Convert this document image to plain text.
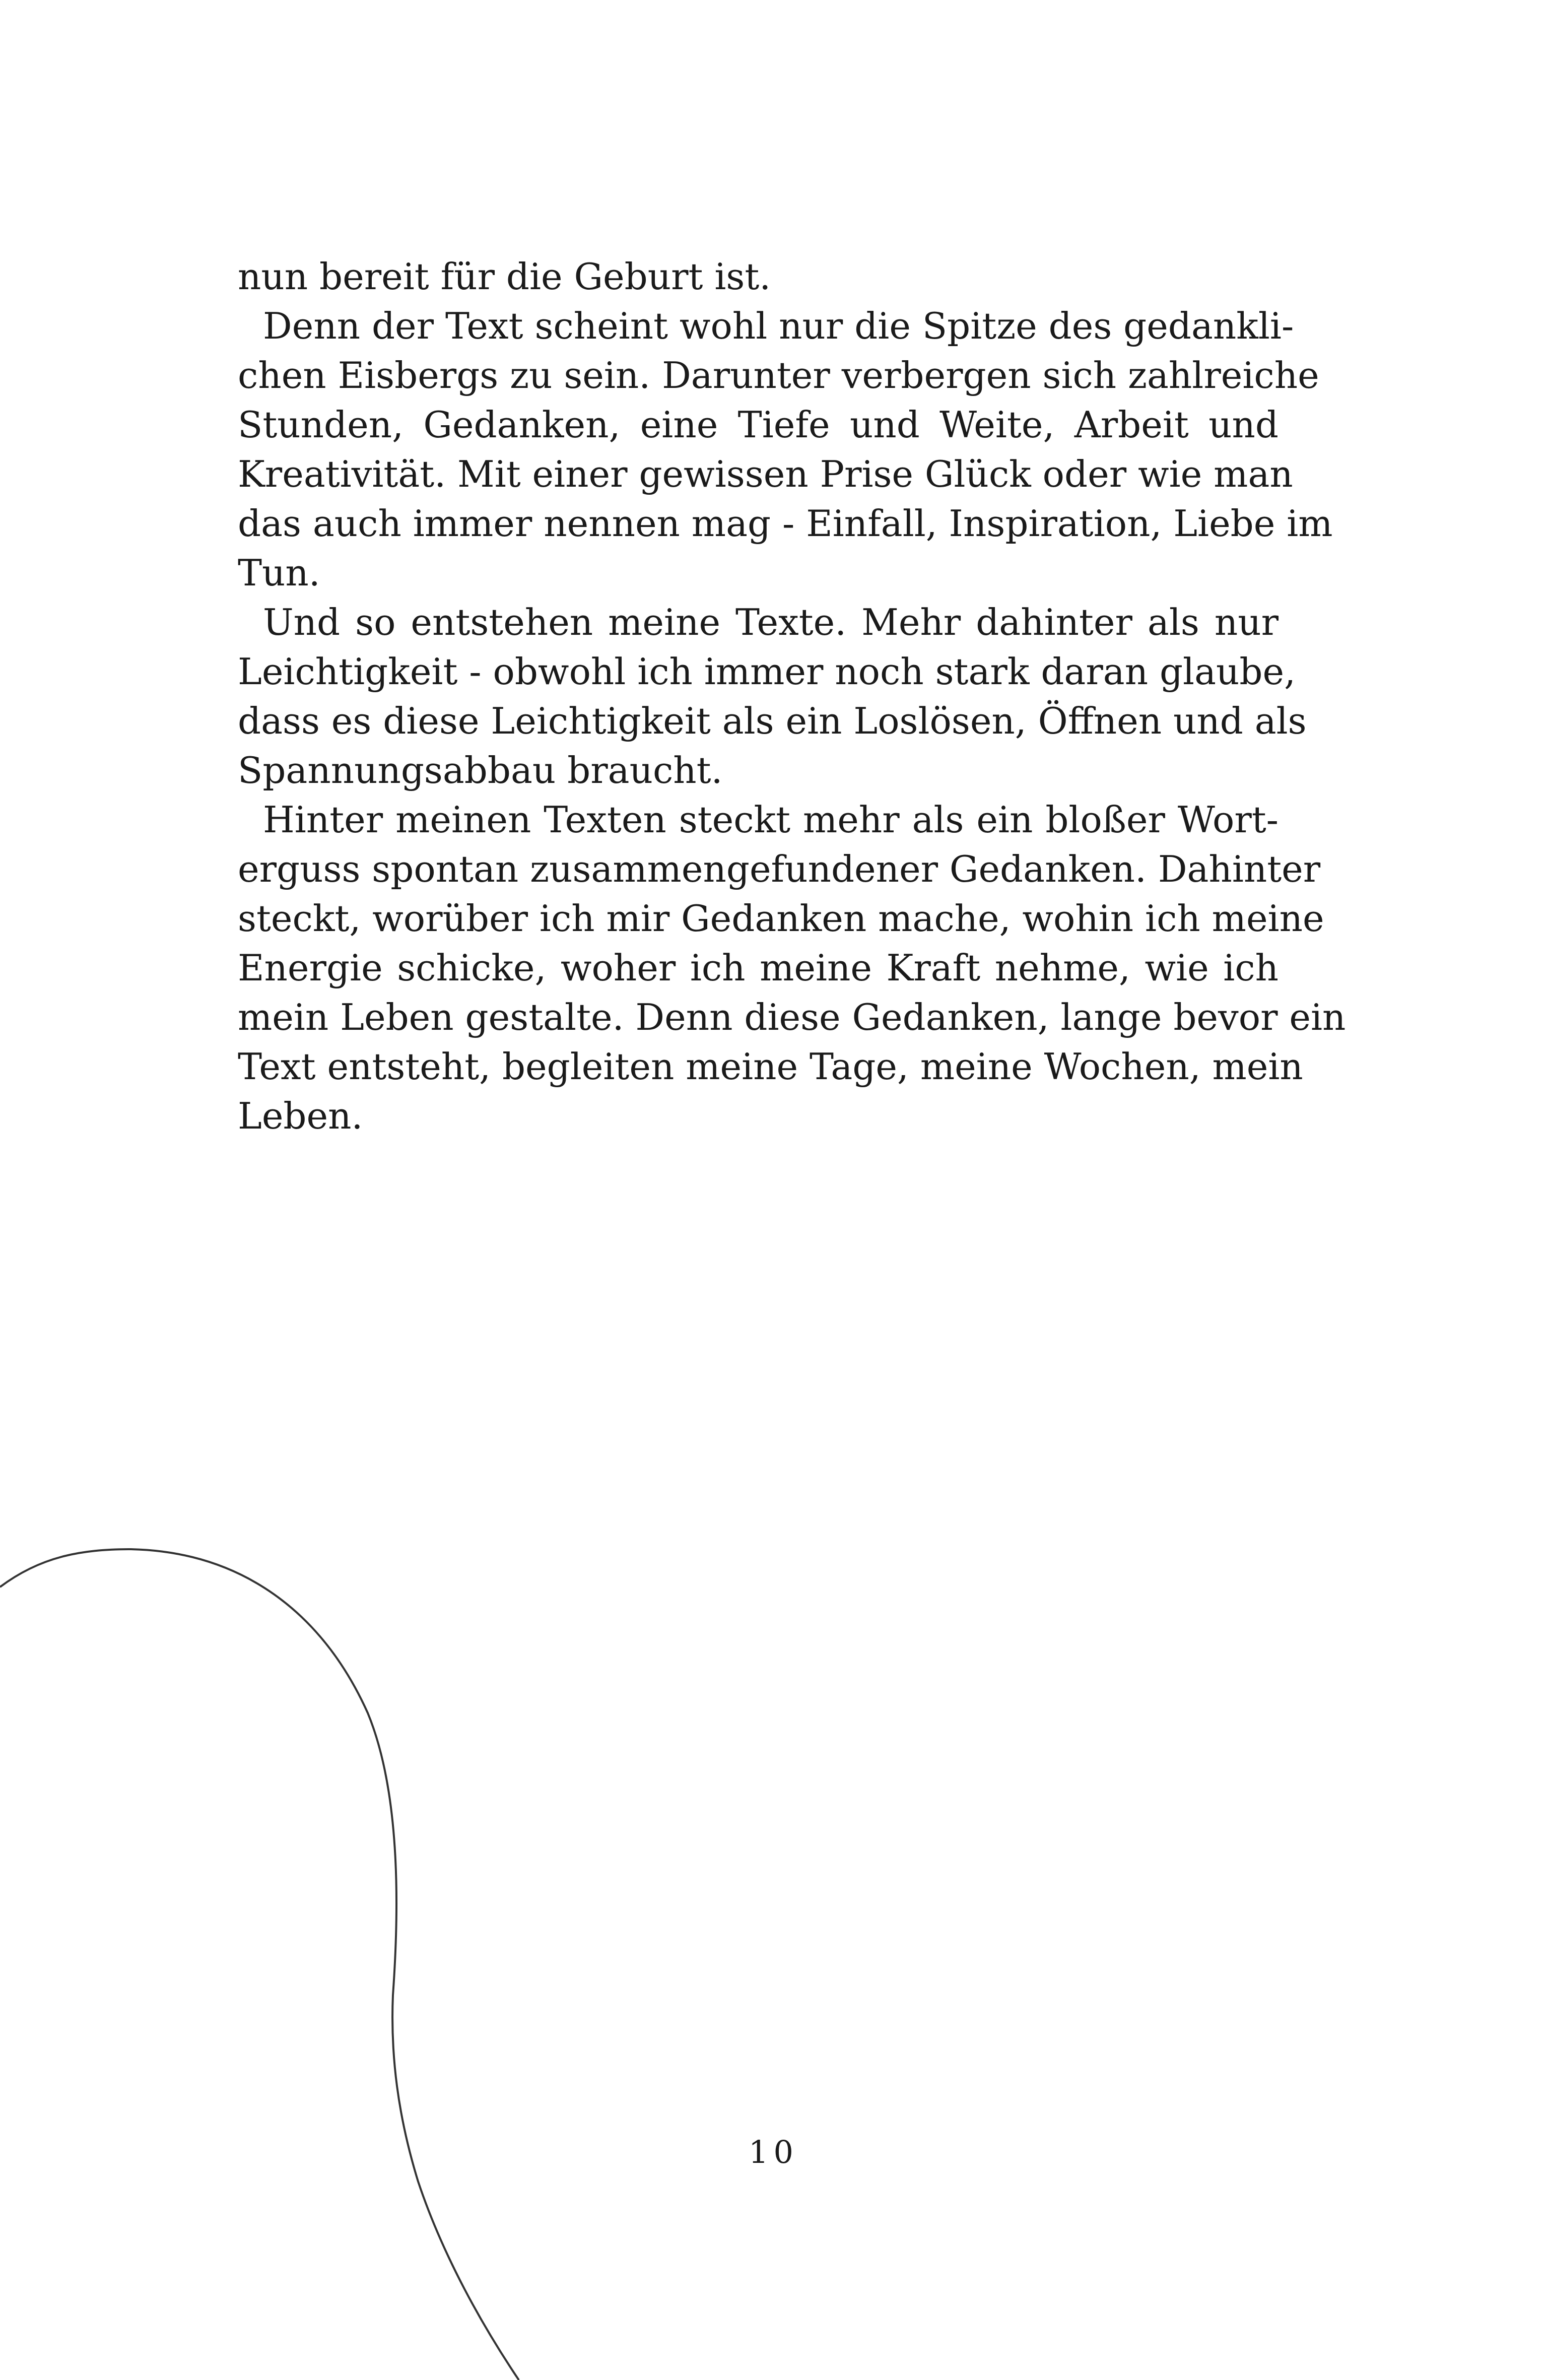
nun bereit für die Geburt ist.
Denn der Text scheint wohl nur die Spitze des gedankli-
chen Eisbergs zu sein. Darunter verbergen sich zahlreiche
Stunden, Gedanken, eine Tiefe und Weite, Arbeit und
Kreativität. Mit einer gewissen Prise Glück oder wie man
das auch immer nennen mag - Einfall, Inspiration, Liebe im
Tun.
Und so entstehen meine Texte. Mehr dahinter als nur
Leichtigkeit - obwohl ich immer noch stark daran glaube,
dass es diese Leichtigkeit als ein Loslösen, Öffnen und als
Spannungsabbau braucht.
Hinter meinen Texten steckt mehr als ein bloßer Wort-
erguss spontan zusammengefundener Gedanken. Dahinter
steckt, worüber ich mir Gedanken mache, wohin ich meine
Energie schicke, woher ich meine Kraft nehme, wie ich
mein Leben gestalte. Denn diese Gedanken, lange bevor ein
Text entsteht, begleiten meine Tage, meine Wochen, mein
Leben.
10
